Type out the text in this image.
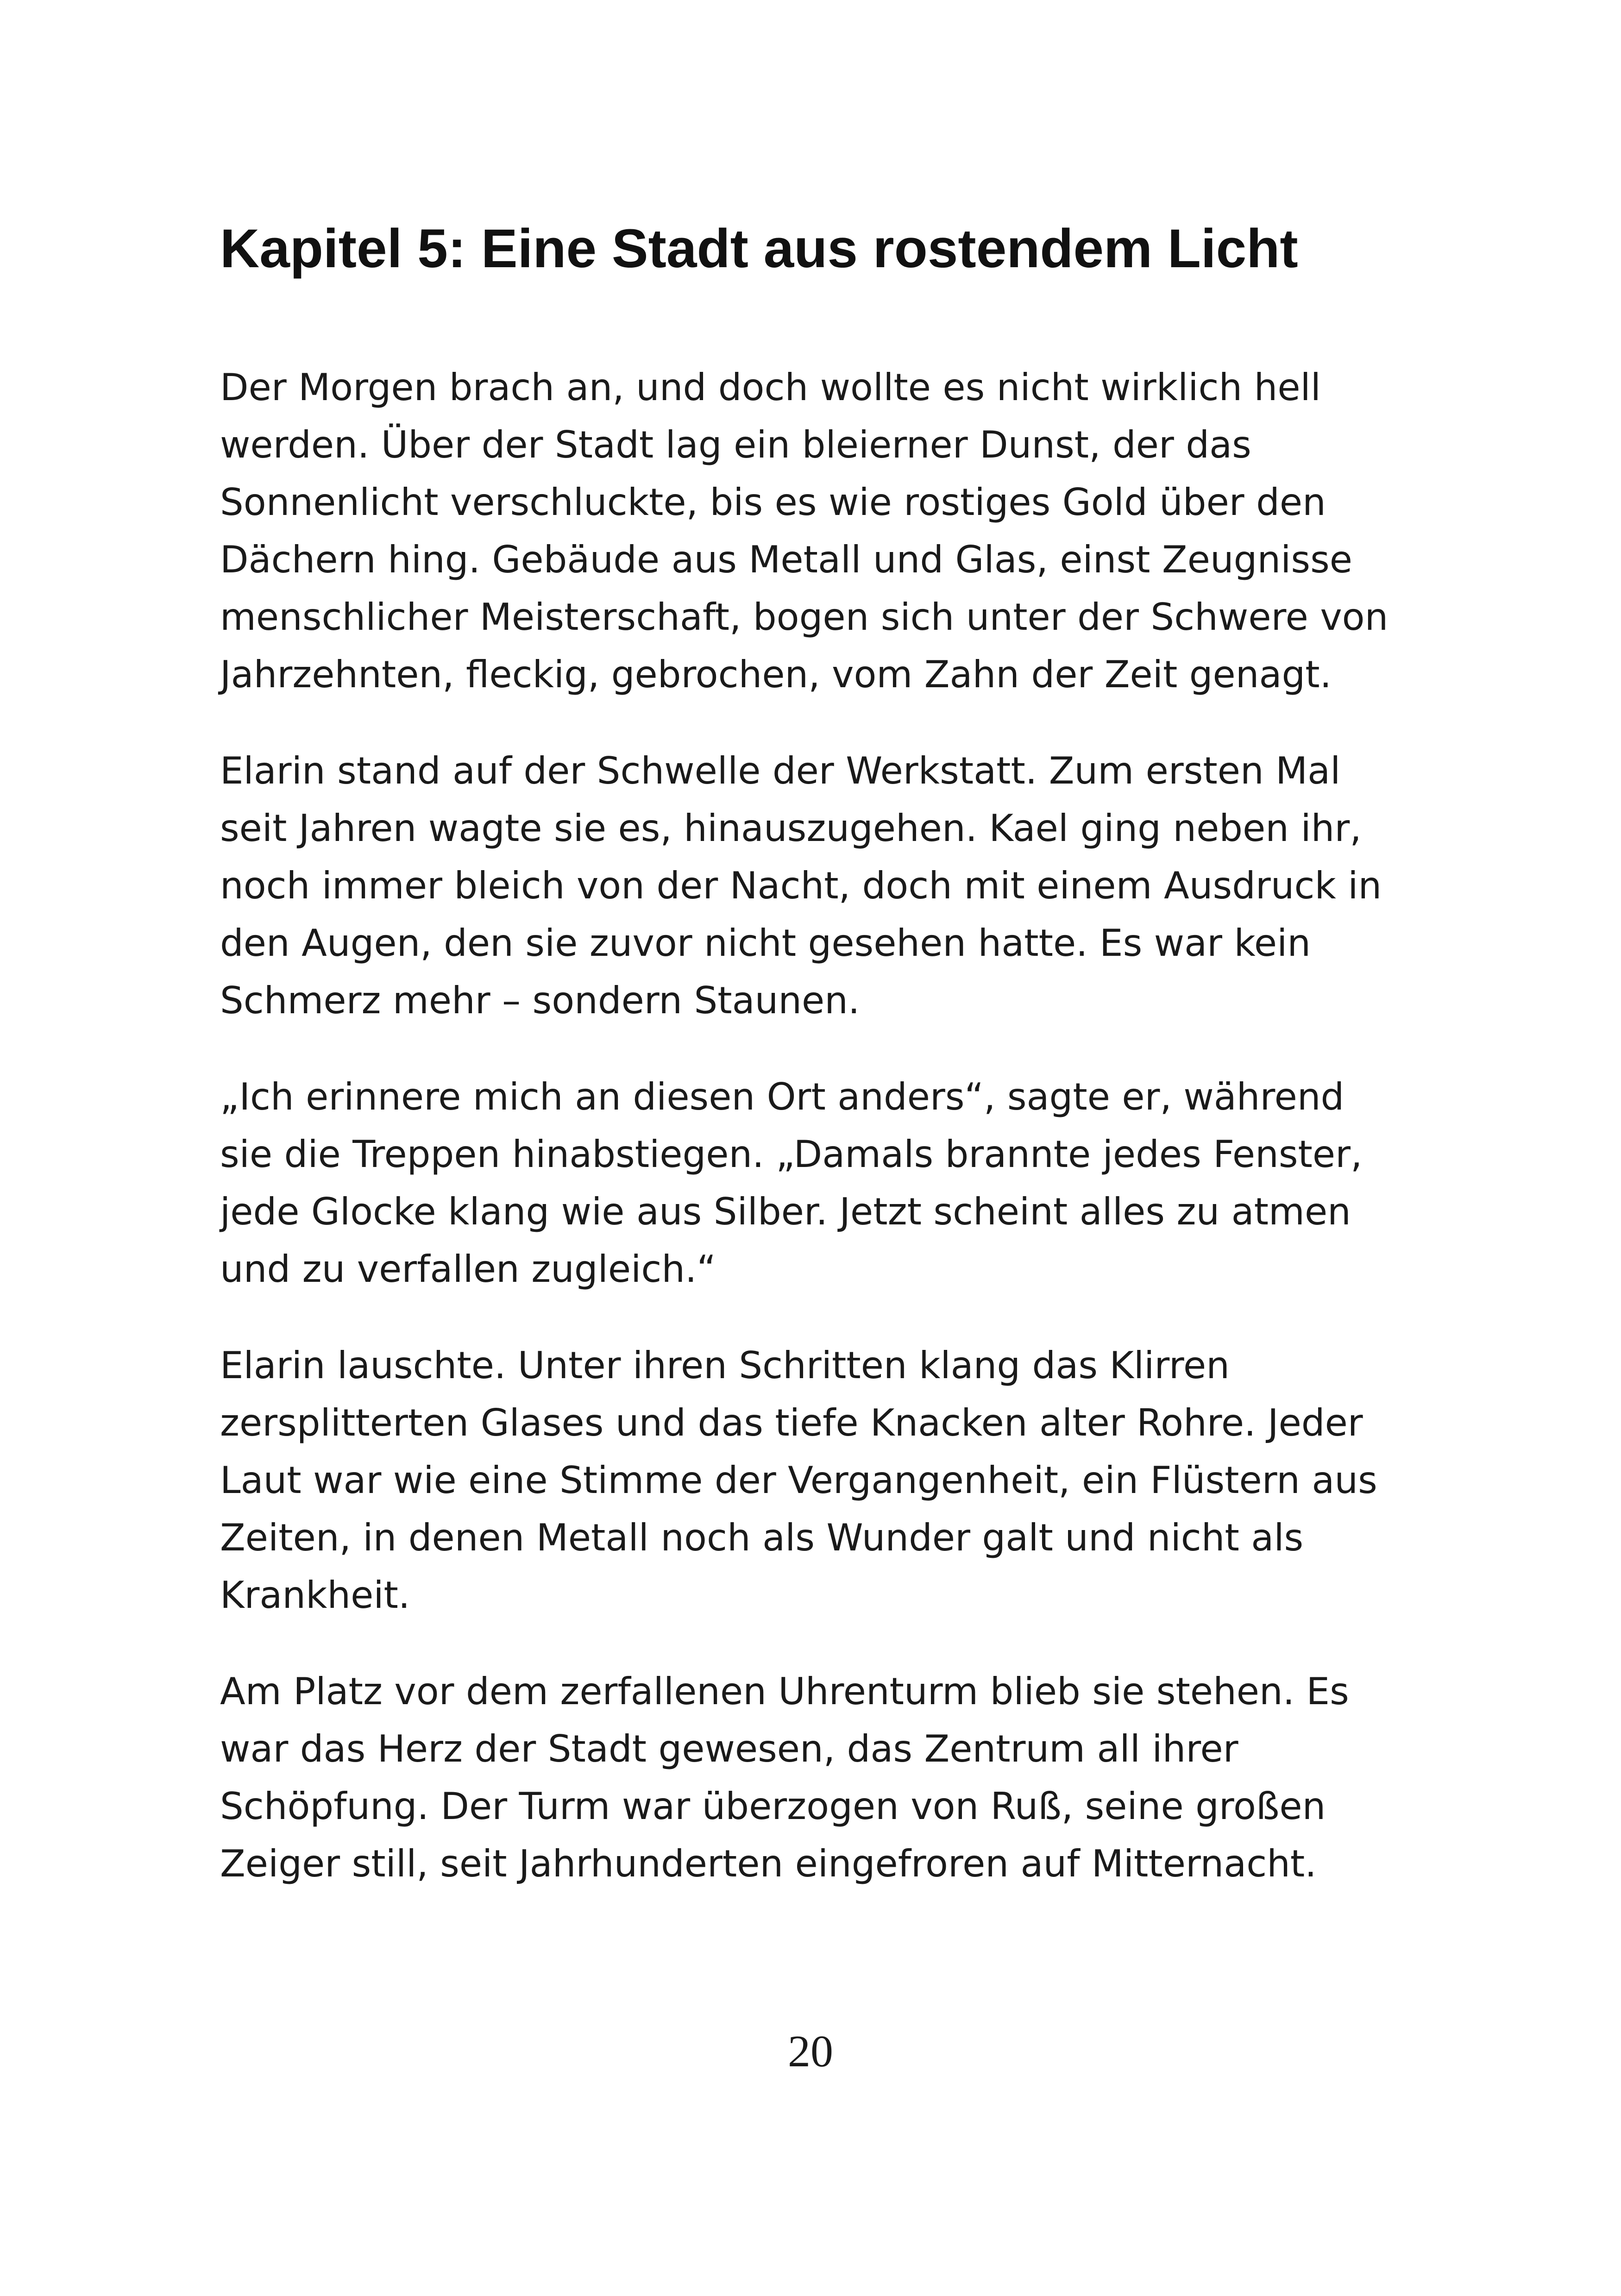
Kapitel 5: Eine Stadt aus rostendem Licht

Der Morgen brach an, und doch wollte es nicht wirklich hell
werden. Über der Stadt lag ein bleierner Dunst, der das
Sonnenlicht verschluckte, bis es wie rostiges Gold über den
Dächern hing. Gebäude aus Metall und Glas, einst Zeugnisse
menschlicher Meisterschaft, bogen sich unter der Schwere von
Jahrzehnten, fleckig, gebrochen, vom Zahn der Zeit genagt.

Elarin stand auf der Schwelle der Werkstatt. Zum ersten Mal
seit Jahren wagte sie es, hinauszugehen. Kael ging neben ihr,
noch immer bleich von der Nacht, doch mit einem Ausdruck in
den Augen, den sie zuvor nicht gesehen hatte. Es war kein
Schmerz mehr – sondern Staunen.

„Ich erinnere mich an diesen Ort anders“, sagte er, während
sie die Treppen hinabstiegen. „Damals brannte jedes Fenster,
jede Glocke klang wie aus Silber. Jetzt scheint alles zu atmen
und zu verfallen zugleich.“

Elarin lauschte. Unter ihren Schritten klang das Klirren
zersplitterten Glases und das tiefe Knacken alter Rohre. Jeder
Laut war wie eine Stimme der Vergangenheit, ein Flüstern aus
Zeiten, in denen Metall noch als Wunder galt und nicht als
Krankheit.

Am Platz vor dem zerfallenen Uhrenturm blieb sie stehen. Es
war das Herz der Stadt gewesen, das Zentrum all ihrer
Schöpfung. Der Turm war überzogen von Ruß, seine großen
Zeiger still, seit Jahrhunderten eingefroren auf Mitternacht.

20
